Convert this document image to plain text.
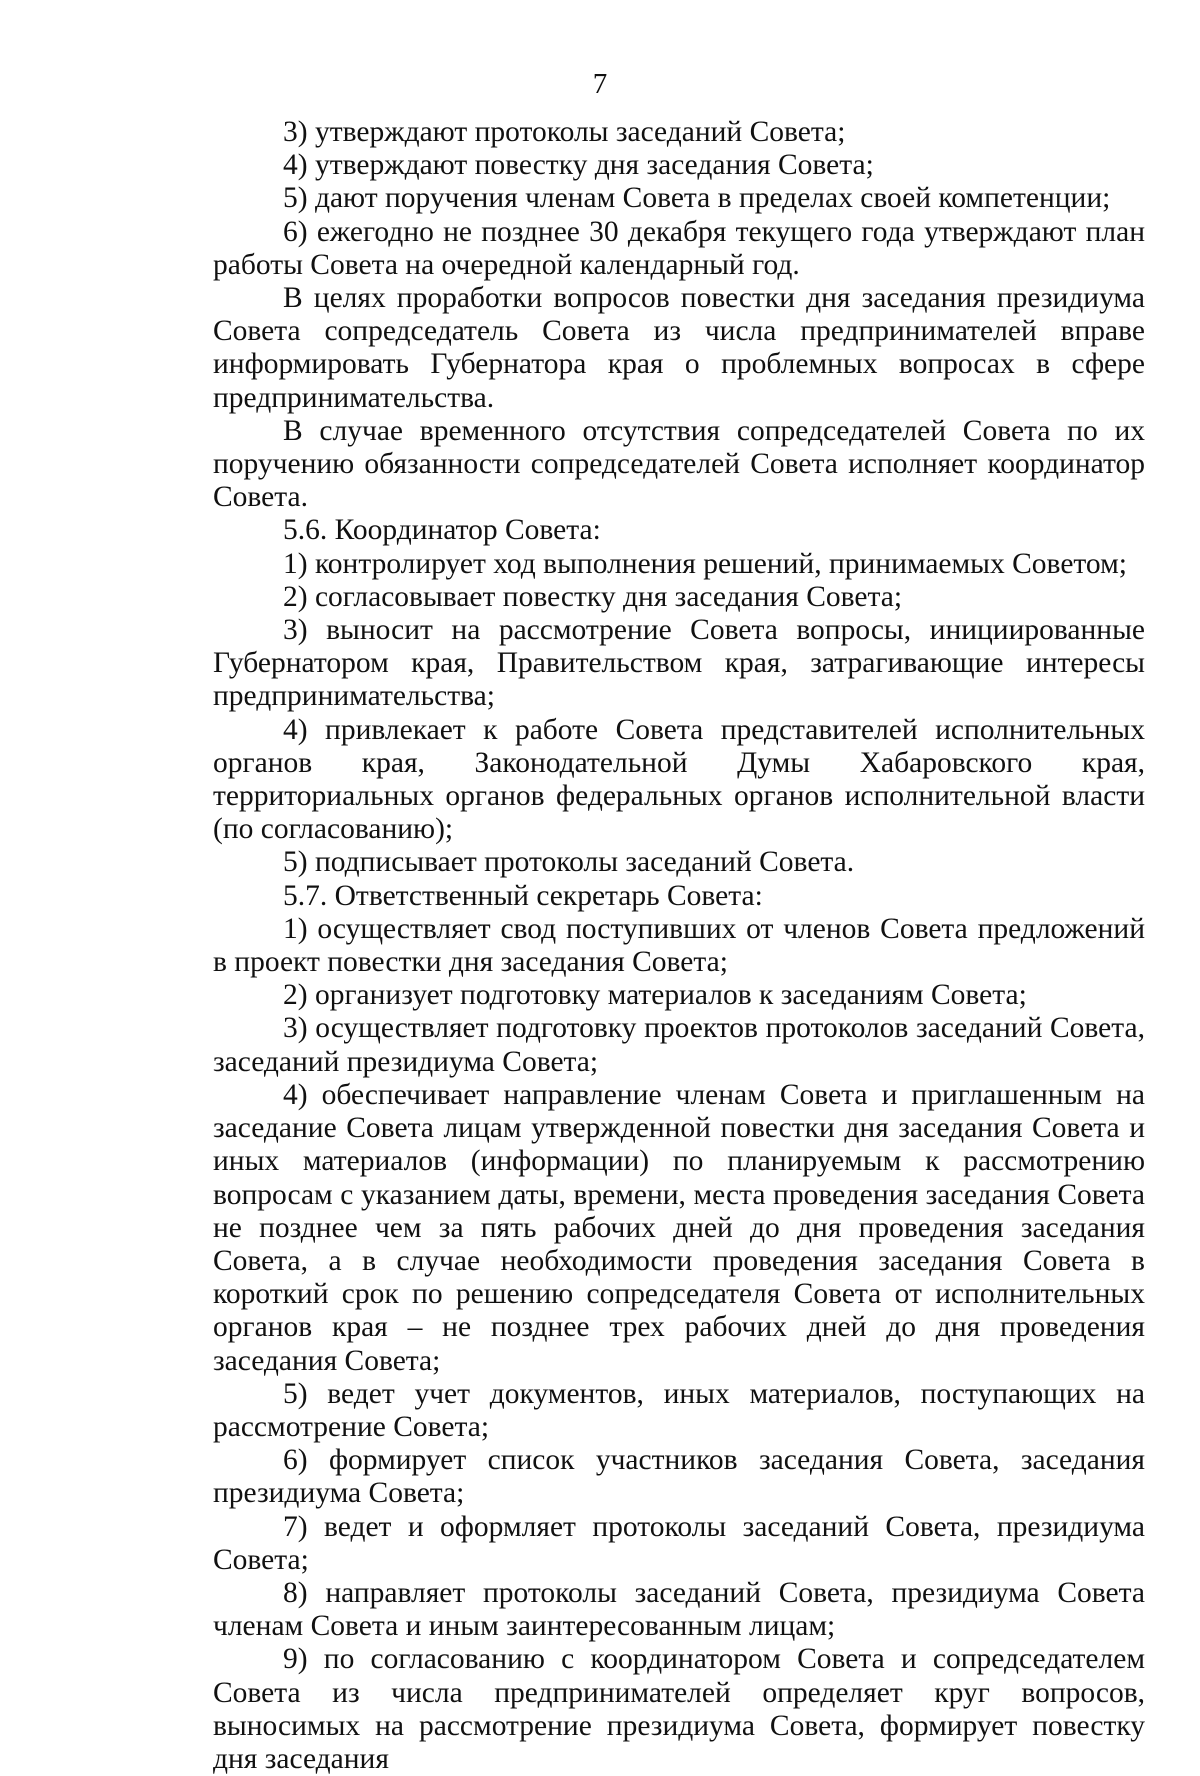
7

3) утверждают протоколы заседаний Совета;

4) утверждают повестку дня заседания Совета;

5) дают поручения членам Совета в пределах своей компетенции;

6) ежегодно не позднее 30 декабря текущего года утверждают план работы Совета на очередной календарный год.

В целях проработки вопросов повестки дня заседания президиума Совета сопредседатель Совета из числа предпринимателей вправе информировать Губернатора края о проблемных вопросах в сфере предпринимательства.

В случае временного отсутствия сопредседателей Совета по их поручению обязанности сопредседателей Совета исполняет координатор Совета.

5.6. Координатор Совета:

1) контролирует ход выполнения решений, принимаемых Советом;

2) согласовывает повестку дня заседания Совета;

3) выносит на рассмотрение Совета вопросы, инициированные Губернатором края, Правительством края, затрагивающие интересы предпринимательства;

4) привлекает к работе Совета представителей исполнительных органов края, Законодательной Думы Хабаровского края, территориальных органов федеральных органов исполнительной власти (по согласованию);

5) подписывает протоколы заседаний Совета.

5.7. Ответственный секретарь Совета:

1) осуществляет свод поступивших от членов Совета предложений в проект повестки дня заседания Совета;

2) организует подготовку материалов к заседаниям Совета;

3) осуществляет подготовку проектов протоколов заседаний Совета, заседаний президиума Совета;

4) обеспечивает направление членам Совета и приглашенным на заседание Совета лицам утвержденной повестки дня заседания Совета и иных материалов (информации) по планируемым к рассмотрению вопросам с указанием даты, времени, места проведения заседания Совета не позднее чем за пять рабочих дней до дня проведения заседания Совета, а в случае необходимости проведения заседания Совета в короткий срок по решению сопредседателя Совета от исполнительных органов края – не позднее трех рабочих дней до дня проведения заседания Совета;

5) ведет учет документов, иных материалов, поступающих на рассмотрение Совета;

6) формирует список участников заседания Совета, заседания президиума Совета;

7) ведет и оформляет протоколы заседаний Совета, президиума Совета;

8) направляет протоколы заседаний Совета, президиума Совета членам Совета и иным заинтересованным лицам;

9) по согласованию с координатором Совета и сопредседателем Совета из числа предпринимателей определяет круг вопросов, выносимых на рассмотрение президиума Совета, формирует повестку дня заседания
